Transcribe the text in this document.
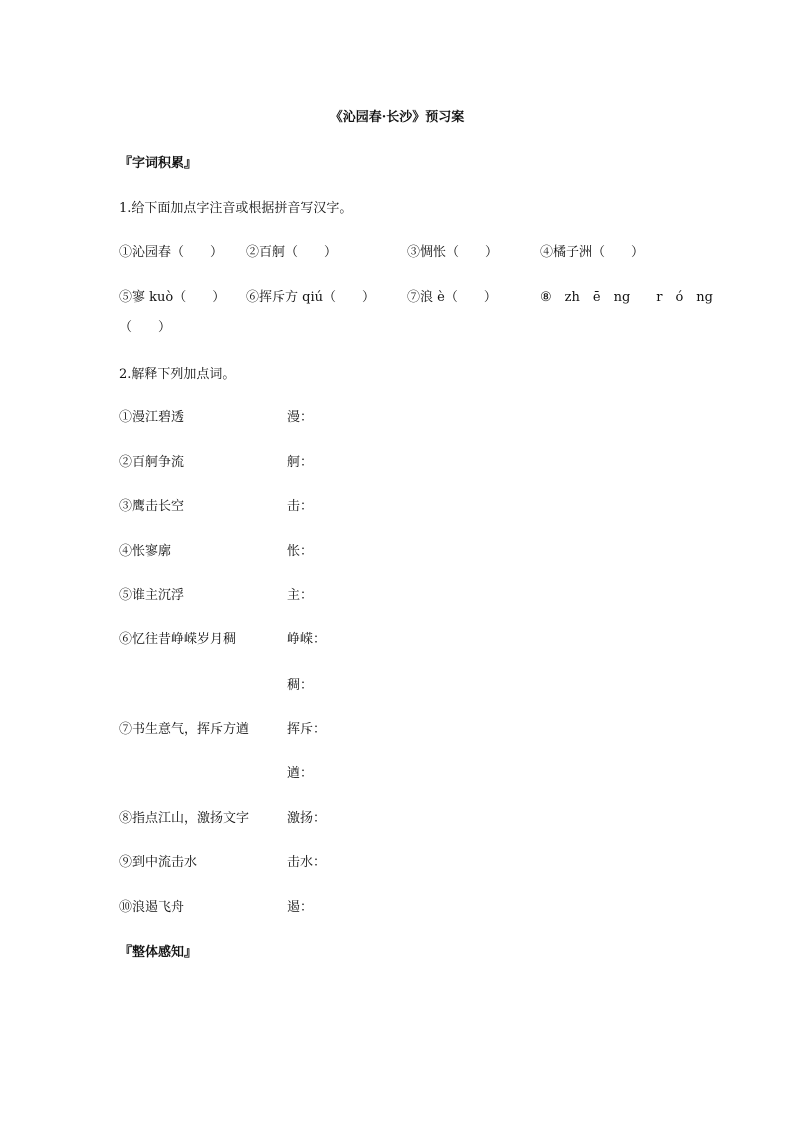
《沁园春·长沙》预习案
『字词积累』
1.给下面加点字注音或根据拼音写汉字。
①沁园春（　　） ②百舸（　　）	③惆怅（　　）	④橘子洲（　　）
⑤寥 kuò（　　） ⑥挥斥方 qiú（　　） ⑦浪 è（　　）	⑧　zh　ē　ng　　r　ó　ng
（　　）
2.解释下列加点词。
①漫江碧透	漫：
②百舸争流	舸：
③鹰击长空	击：
④怅寥廓	怅：
⑤谁主沉浮	主：
⑥忆往昔峥嵘岁月稠	峥嵘：
稠：
⑦书生意气，挥斥方遒	挥斥：
遒：
⑧指点江山，激扬文字	激扬：
⑨到中流击水	击水：
⑩浪遏飞舟	遏：
『整体感知』
